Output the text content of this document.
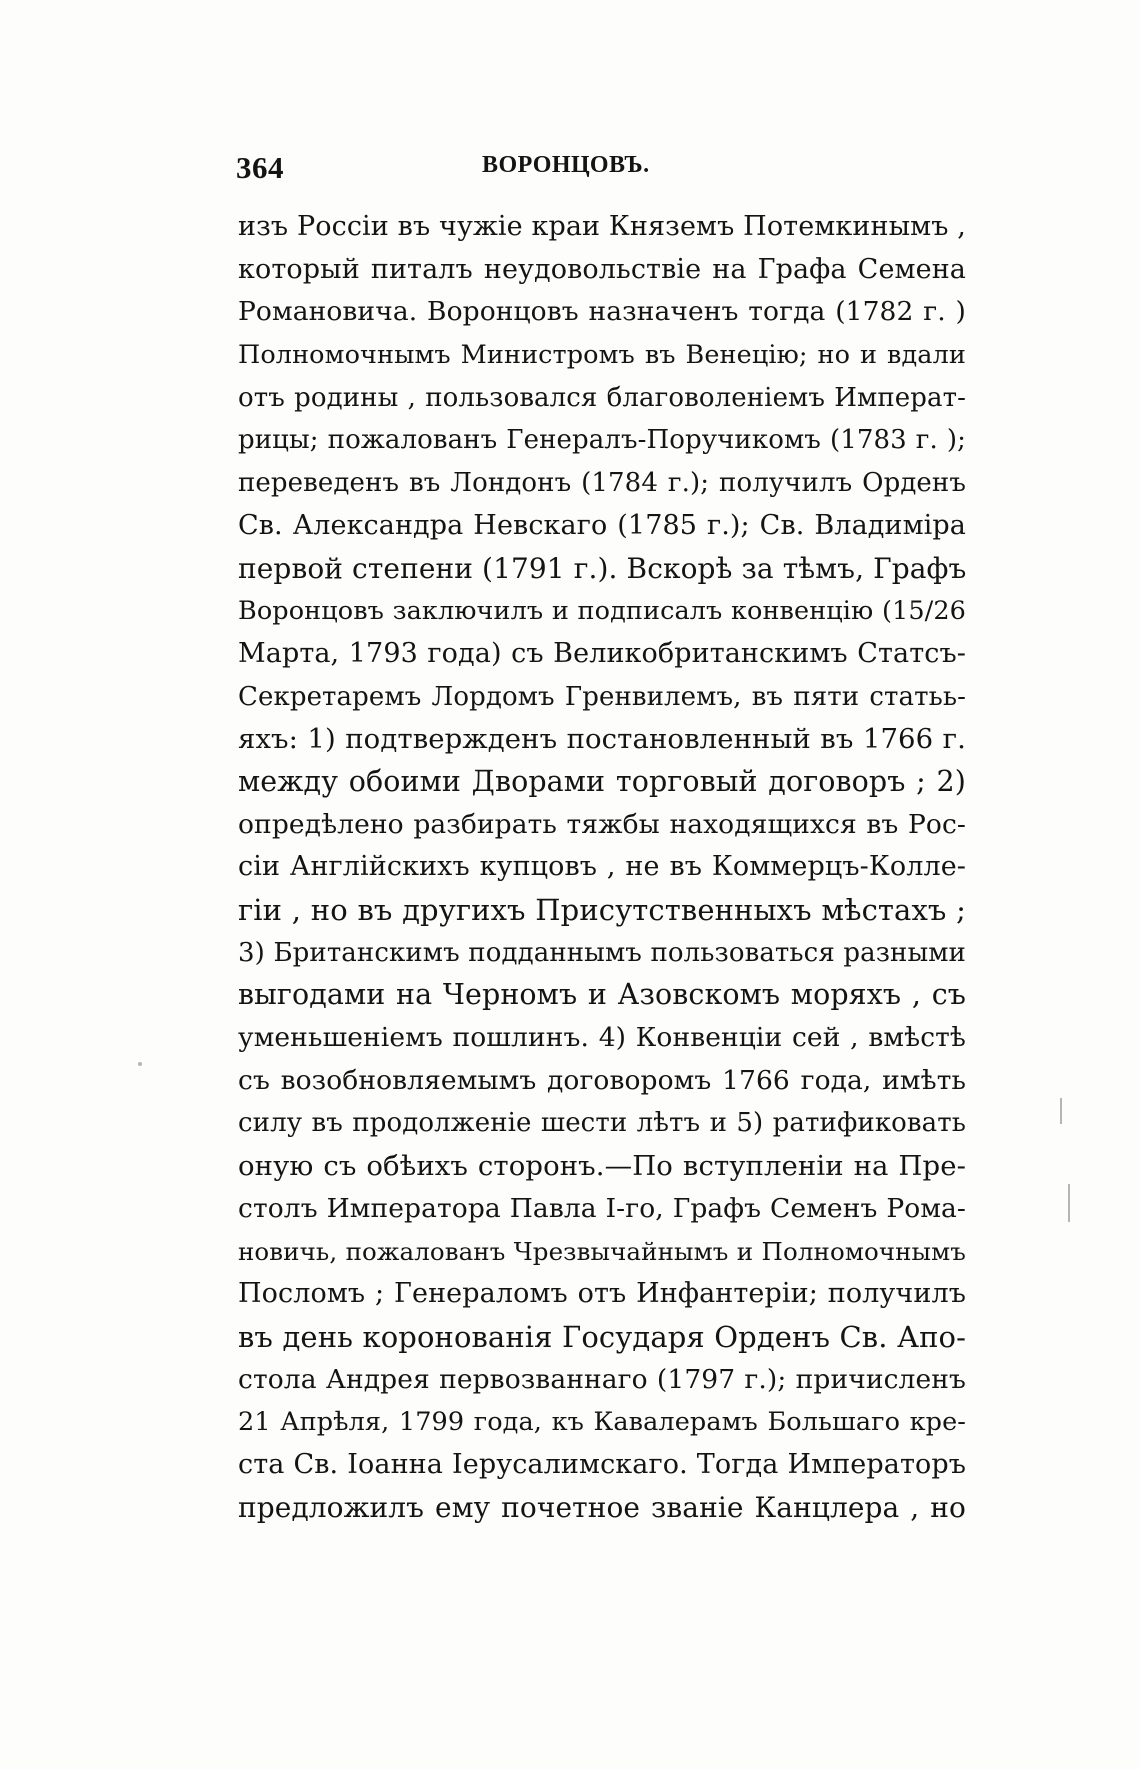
364	ВОРОНЦОВЪ.
изъ Россіи въ чужіе краи Княземъ Потемкинымъ ,
который питалъ неудовольствіе на Графа Семена
Романовича. Воронцовъ назначенъ тогда (1782 г. )
Полномочнымъ Министромъ въ Венецію; но и вдали
отъ родины , пользовался благоволеніемъ Императ-
рицы; пожалованъ Генералъ-Поручикомъ (1783 г. );
переведенъ въ Лондонъ (1784 г.); получилъ Орденъ
Св. Александра Невскаго (1785 г.); Св. Владиміра
первой степени (1791 г.). Вскорѣ за тѣмъ, Графъ
Воронцовъ заключилъ и подписалъ конвенцію (15/26
Марта, 1793 года) съ Великобританскимъ Статсъ-
Секретаремъ Лордомъ Гренвилемъ, въ пяти статьь-
яхъ: 1) подтвержденъ постановленный въ 1766 г.
между обоими Дворами торговый договоръ ; 2)
опредѣлено разбирать тяжбы находящихся въ Рос-
сіи Англійскихъ купцовъ , не въ Коммерцъ-Колле-
гіи , но въ другихъ Присутственныхъ мѣстахъ ;
3) Британскимъ подданнымъ пользоваться разными
выгодами на Черномъ и Азовскомъ моряхъ , съ
уменьшеніемъ пошлинъ. 4) Конвенціи сей , вмѣстѣ
съ возобновляемымъ договоромъ 1766 года, имѣть
силу въ продолженіе шести лѣтъ и 5) ратификовать
оную съ обѣихъ сторонъ.—По вступленіи на Пре-
столъ Императора Павла І-го, Графъ Семенъ Рома-
новичь, пожалованъ Чрезвычайнымъ и Полномочнымъ
Посломъ ; Генераломъ отъ Инфантеріи; получилъ
въ день коронованія Государя Орденъ Св. Апо-
стола Андрея первозваннаго (1797 г.); причисленъ
21 Апрѣля, 1799 года, къ Кавалерамъ Большаго кре-
ста Св. Іоанна Іерусалимскаго. Тогда Императоръ
предложилъ ему почетное званіе Канцлера , но
